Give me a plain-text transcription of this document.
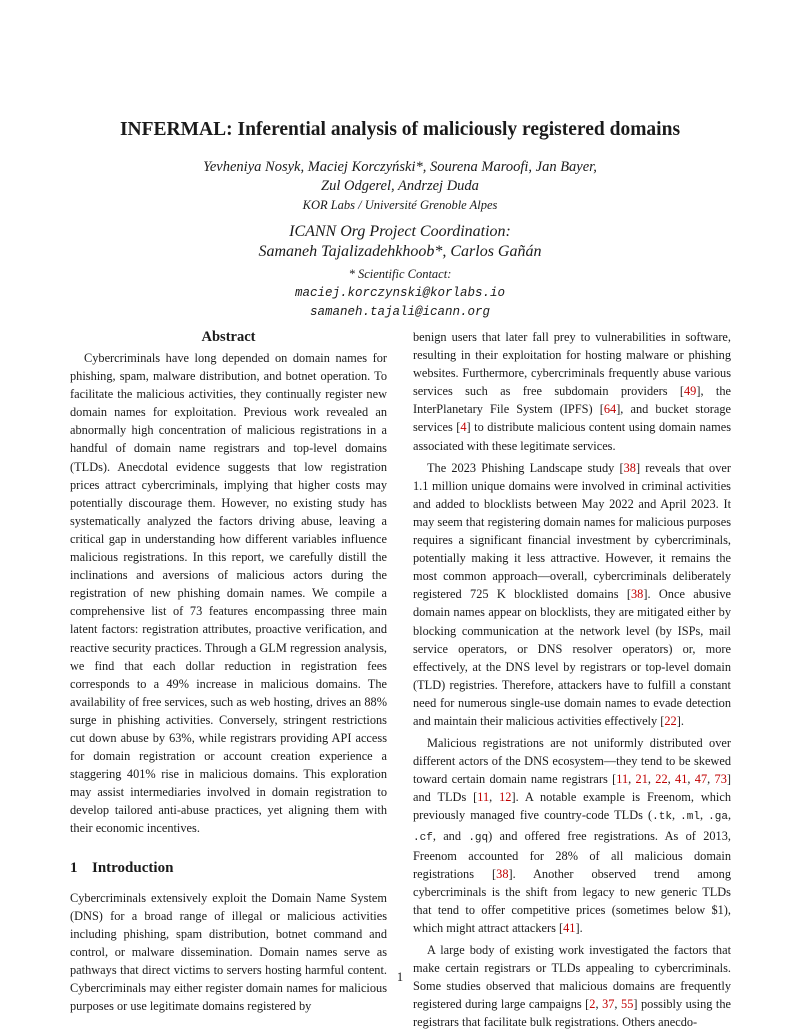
INFERMAL: Inferential analysis of maliciously registered domains
Yevheniya Nosyk, Maciej Korczyński*, Sourena Maroofi, Jan Bayer,
Zul Odgerel, Andrzej Duda
KOR Labs / Université Grenoble Alpes
ICANN Org Project Coordination:
Samaneh Tajalizadehkhoob*, Carlos Gañán
* Scientific Contact:
maciej.korczynski@korlabs.io
samaneh.tajali@icann.org
Abstract

Cybercriminals have long depended on domain names for phishing, spam, malware distribution, and botnet operation. To facilitate the malicious activities, they continually register new domain names for exploitation. Previous work revealed an abnormally high concentration of malicious registrations in a handful of domain name registrars and top-level domains (TLDs). Anecdotal evidence suggests that low registration prices attract cybercriminals, implying that higher costs may potentially discourage them. However, no existing study has systematically analyzed the factors driving abuse, leaving a critical gap in understanding how different variables influence malicious registrations. In this report, we carefully distill the inclinations and aversions of malicious actors during the registration of new phishing domain names. We compile a comprehensive list of 73 features encompassing three main latent factors: registration attributes, proactive verification, and reactive security practices. Through a GLM regression analysis, we find that each dollar reduction in registration fees corresponds to a 49% increase in malicious domains. The availability of free services, such as web hosting, drives an 88% surge in phishing activities. Conversely, stringent restrictions cut down abuse by 63%, while registrars providing API access for domain registration or account creation experience a staggering 401% rise in malicious domains. This exploration may assist intermediaries involved in domain registration to develop tailored anti-abuse practices, yet aligning them with their economic incentives.

1 Introduction

Cybercriminals extensively exploit the Domain Name System (DNS) for a broad range of illegal or malicious activities including phishing, spam distribution, botnet command and control, or malware dissemination. Domain names serve as pathways that direct victims to servers hosting harmful content. Cybercriminals may either register domain names for malicious purposes or use legitimate domains registered by

benign users that later fall prey to vulnerabilities in software, resulting in their exploitation for hosting malware or phishing websites. Furthermore, cybercriminals frequently abuse various services such as free subdomain providers [49], the InterPlanetary File System (IPFS) [64], and bucket storage services [4] to distribute malicious content using domain names associated with these legitimate services.

The 2023 Phishing Landscape study [38] reveals that over 1.1 million unique domains were involved in criminal activities and added to blocklists between May 2022 and April 2023. It may seem that registering domain names for malicious purposes requires a significant financial investment by cybercriminals, potentially making it less attractive. However, it remains the most common approach—overall, cybercriminals deliberately registered 725 K blocklisted domains [38]. Once abusive domain names appear on blocklists, they are mitigated either by blocking communication at the network level (by ISPs, mail service operators, or DNS resolver operators) or, more effectively, at the DNS level by registrars or top-level domain (TLD) registries. Therefore, attackers have to fulfill a constant need for numerous single-use domain names to evade detection and maintain their malicious activities effectively [22].

Malicious registrations are not uniformly distributed over different actors of the DNS ecosystem—they tend to be skewed toward certain domain name registrars [11, 21, 22, 41, 47, 73] and TLDs [11, 12]. A notable example is Freenom, which previously managed five country-code TLDs (.tk, .ml, .ga, .cf, and .gq) and offered free registrations. As of 2013, Freenom accounted for 28% of all malicious domain registrations [38]. Another observed trend among cybercriminals is the shift from legacy to new generic TLDs that tend to offer competitive prices (sometimes below $1), which might attract attackers [41].

A large body of existing work investigated the factors that make certain registrars or TLDs appealing to cybercriminals. Some studies observed that malicious domains are frequently registered during large campaigns [2, 37, 55] possibly using the registrars that facilitate bulk registrations. Others anecdo-

1
